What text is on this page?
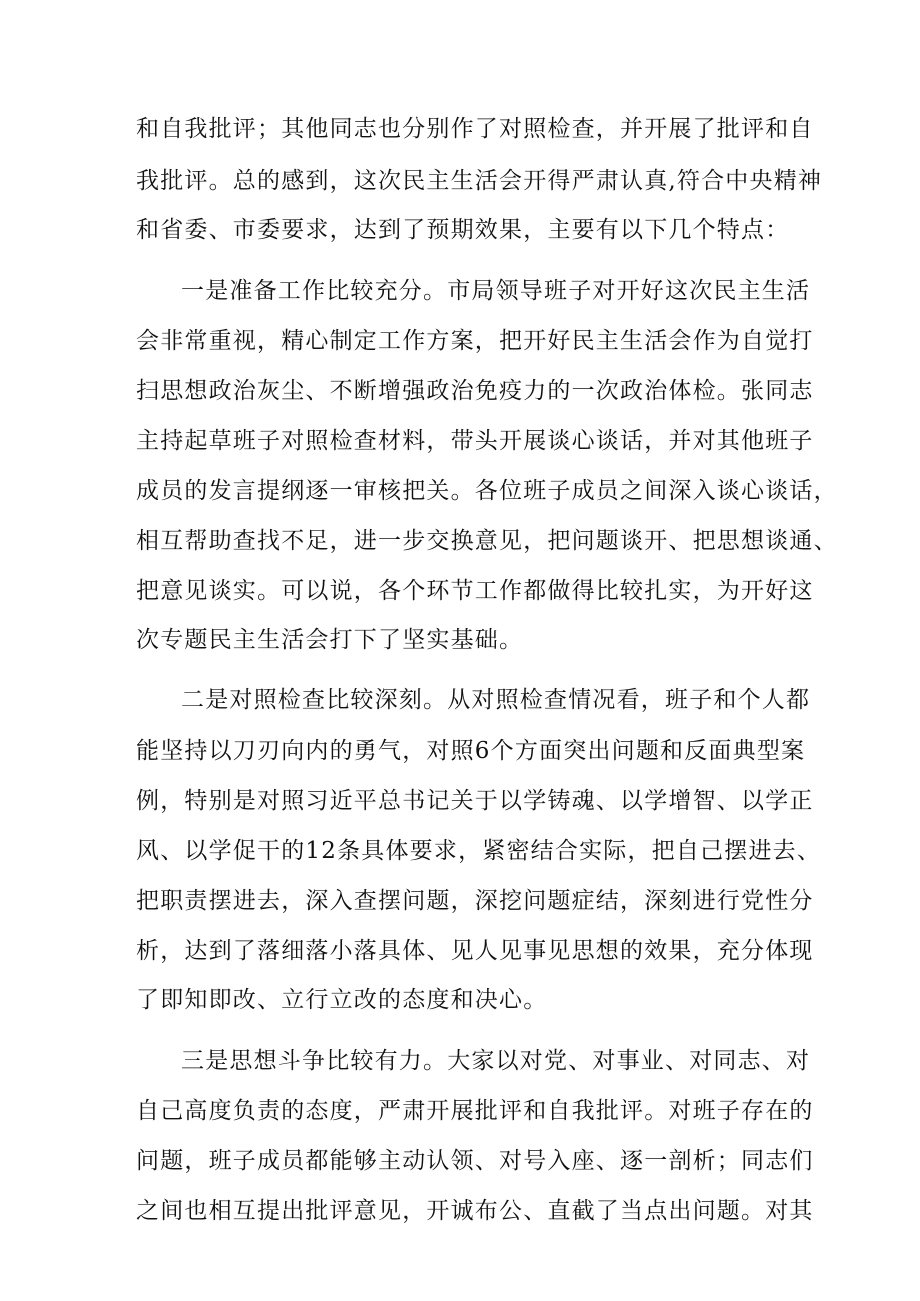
和自我批评；其他同志也分别作了对照检查，并开展了批评和自
我批评。总的感到，这次民主生活会开得严肃认真,符合中央精神
和省委、市委要求，达到了预期效果，主要有以下几个特点：
一是准备工作比较充分。市局领导班子对开好这次民主生活
会非常重视，精心制定工作方案，把开好民主生活会作为自觉打
扫思想政治灰尘、不断增强政治免疫力的一次政治体检。张同志
主持起草班子对照检查材料，带头开展谈心谈话，并对其他班子
成员的发言提纲逐一审核把关。各位班子成员之间深入谈心谈话，
相互帮助查找不足，进一步交换意见，把问题谈开、把思想谈通、
把意见谈实。可以说，各个环节工作都做得比较扎实，为开好这
次专题民主生活会打下了坚实基础。
二是对照检查比较深刻。从对照检查情况看，班子和个人都
能坚持以刀刃向内的勇气，对照6个方面突出问题和反面典型案
例，特别是对照习近平总书记关于以学铸魂、以学增智、以学正
风、以学促干的12条具体要求，紧密结合实际，把自己摆进去、
把职责摆进去，深入查摆问题，深挖问题症结，深刻进行党性分
析，达到了落细落小落具体、见人见事见思想的效果，充分体现
了即知即改、立行立改的态度和决心。
三是思想斗争比较有力。大家以对党、对事业、对同志、对
自己高度负责的态度，严肃开展批评和自我批评。对班子存在的
问题，班子成员都能够主动认领、对号入座、逐一剖析；同志们
之间也相互提出批评意见，开诚布公、直截了当点出问题。对其
